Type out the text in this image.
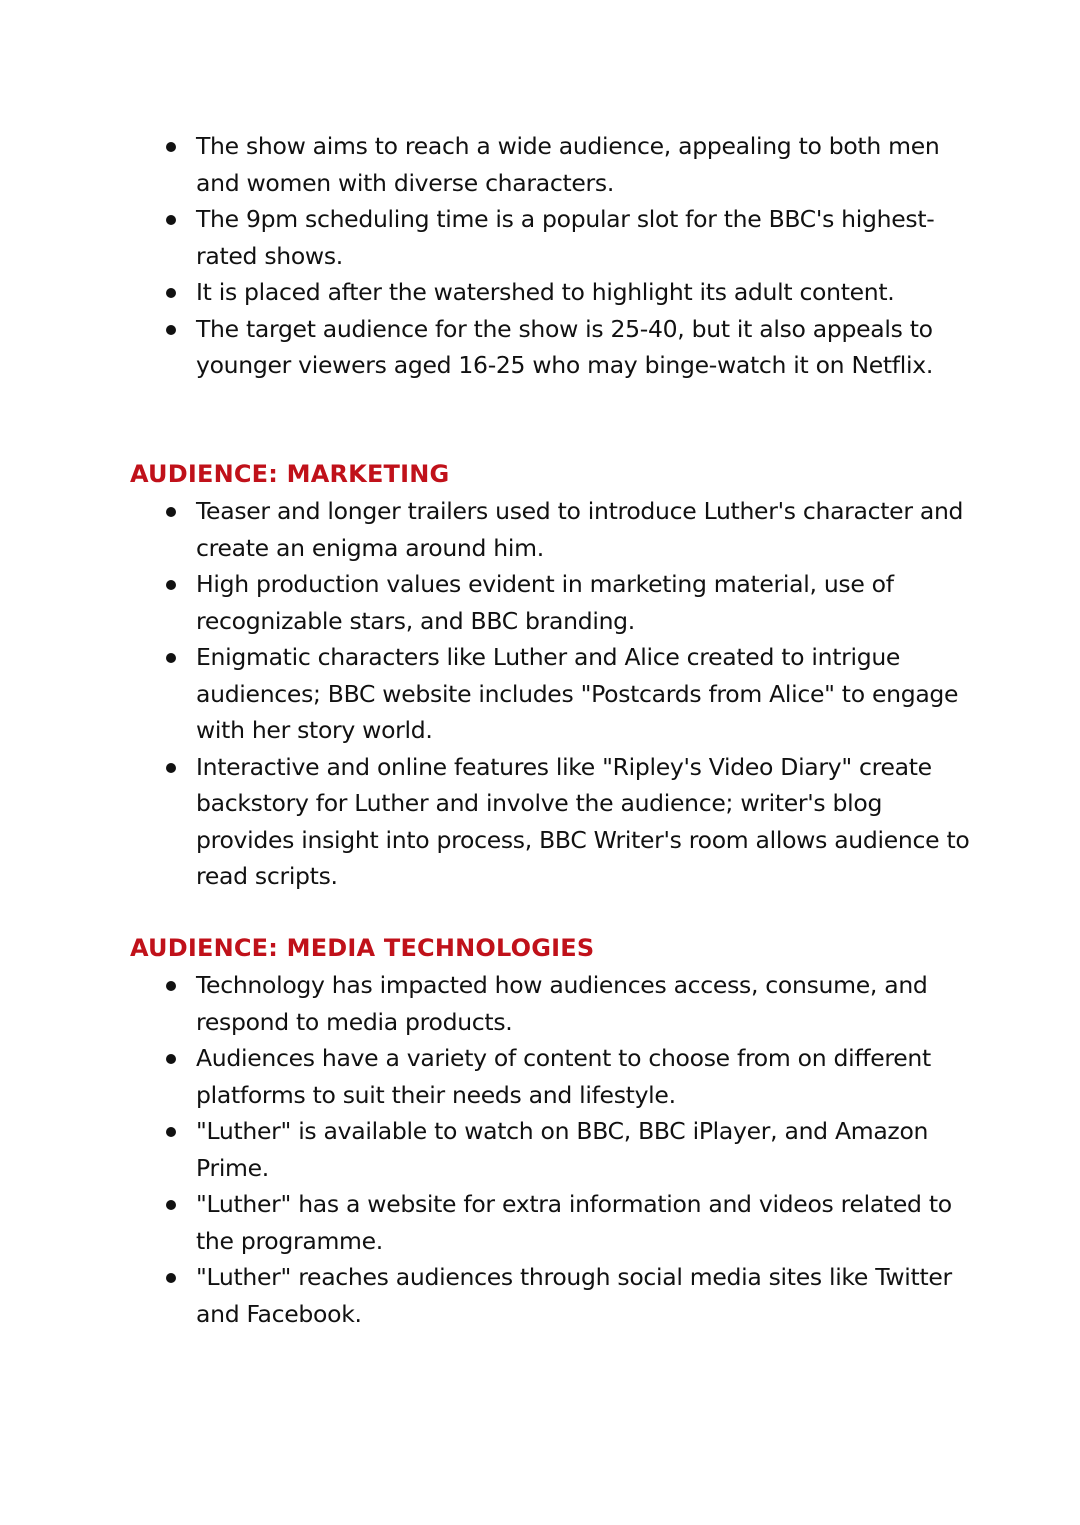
The show aims to reach a wide audience, appealing to both men and women with diverse characters.
The 9pm scheduling time is a popular slot for the BBC's highest-rated shows.
It is placed after the watershed to highlight its adult content.
The target audience for the show is 25-40, but it also appeals to younger viewers aged 16-25 who may binge-watch it on Netflix.
AUDIENCE: MARKETING
Teaser and longer trailers used to introduce Luther's character and create an enigma around him.
High production values evident in marketing material, use of recognizable stars, and BBC branding.
Enigmatic characters like Luther and Alice created to intrigue audiences; BBC website includes "Postcards from Alice" to engage with her story world.
Interactive and online features like "Ripley's Video Diary" create backstory for Luther and involve the audience; writer's blog provides insight into process, BBC Writer's room allows audience to read scripts.
AUDIENCE: MEDIA TECHNOLOGIES
Technology has impacted how audiences access, consume, and respond to media products.
Audiences have a variety of content to choose from on different platforms to suit their needs and lifestyle.
"Luther" is available to watch on BBC, BBC iPlayer, and Amazon Prime.
"Luther" has a website for extra information and videos related to the programme.
"Luther" reaches audiences through social media sites like Twitter and Facebook.
